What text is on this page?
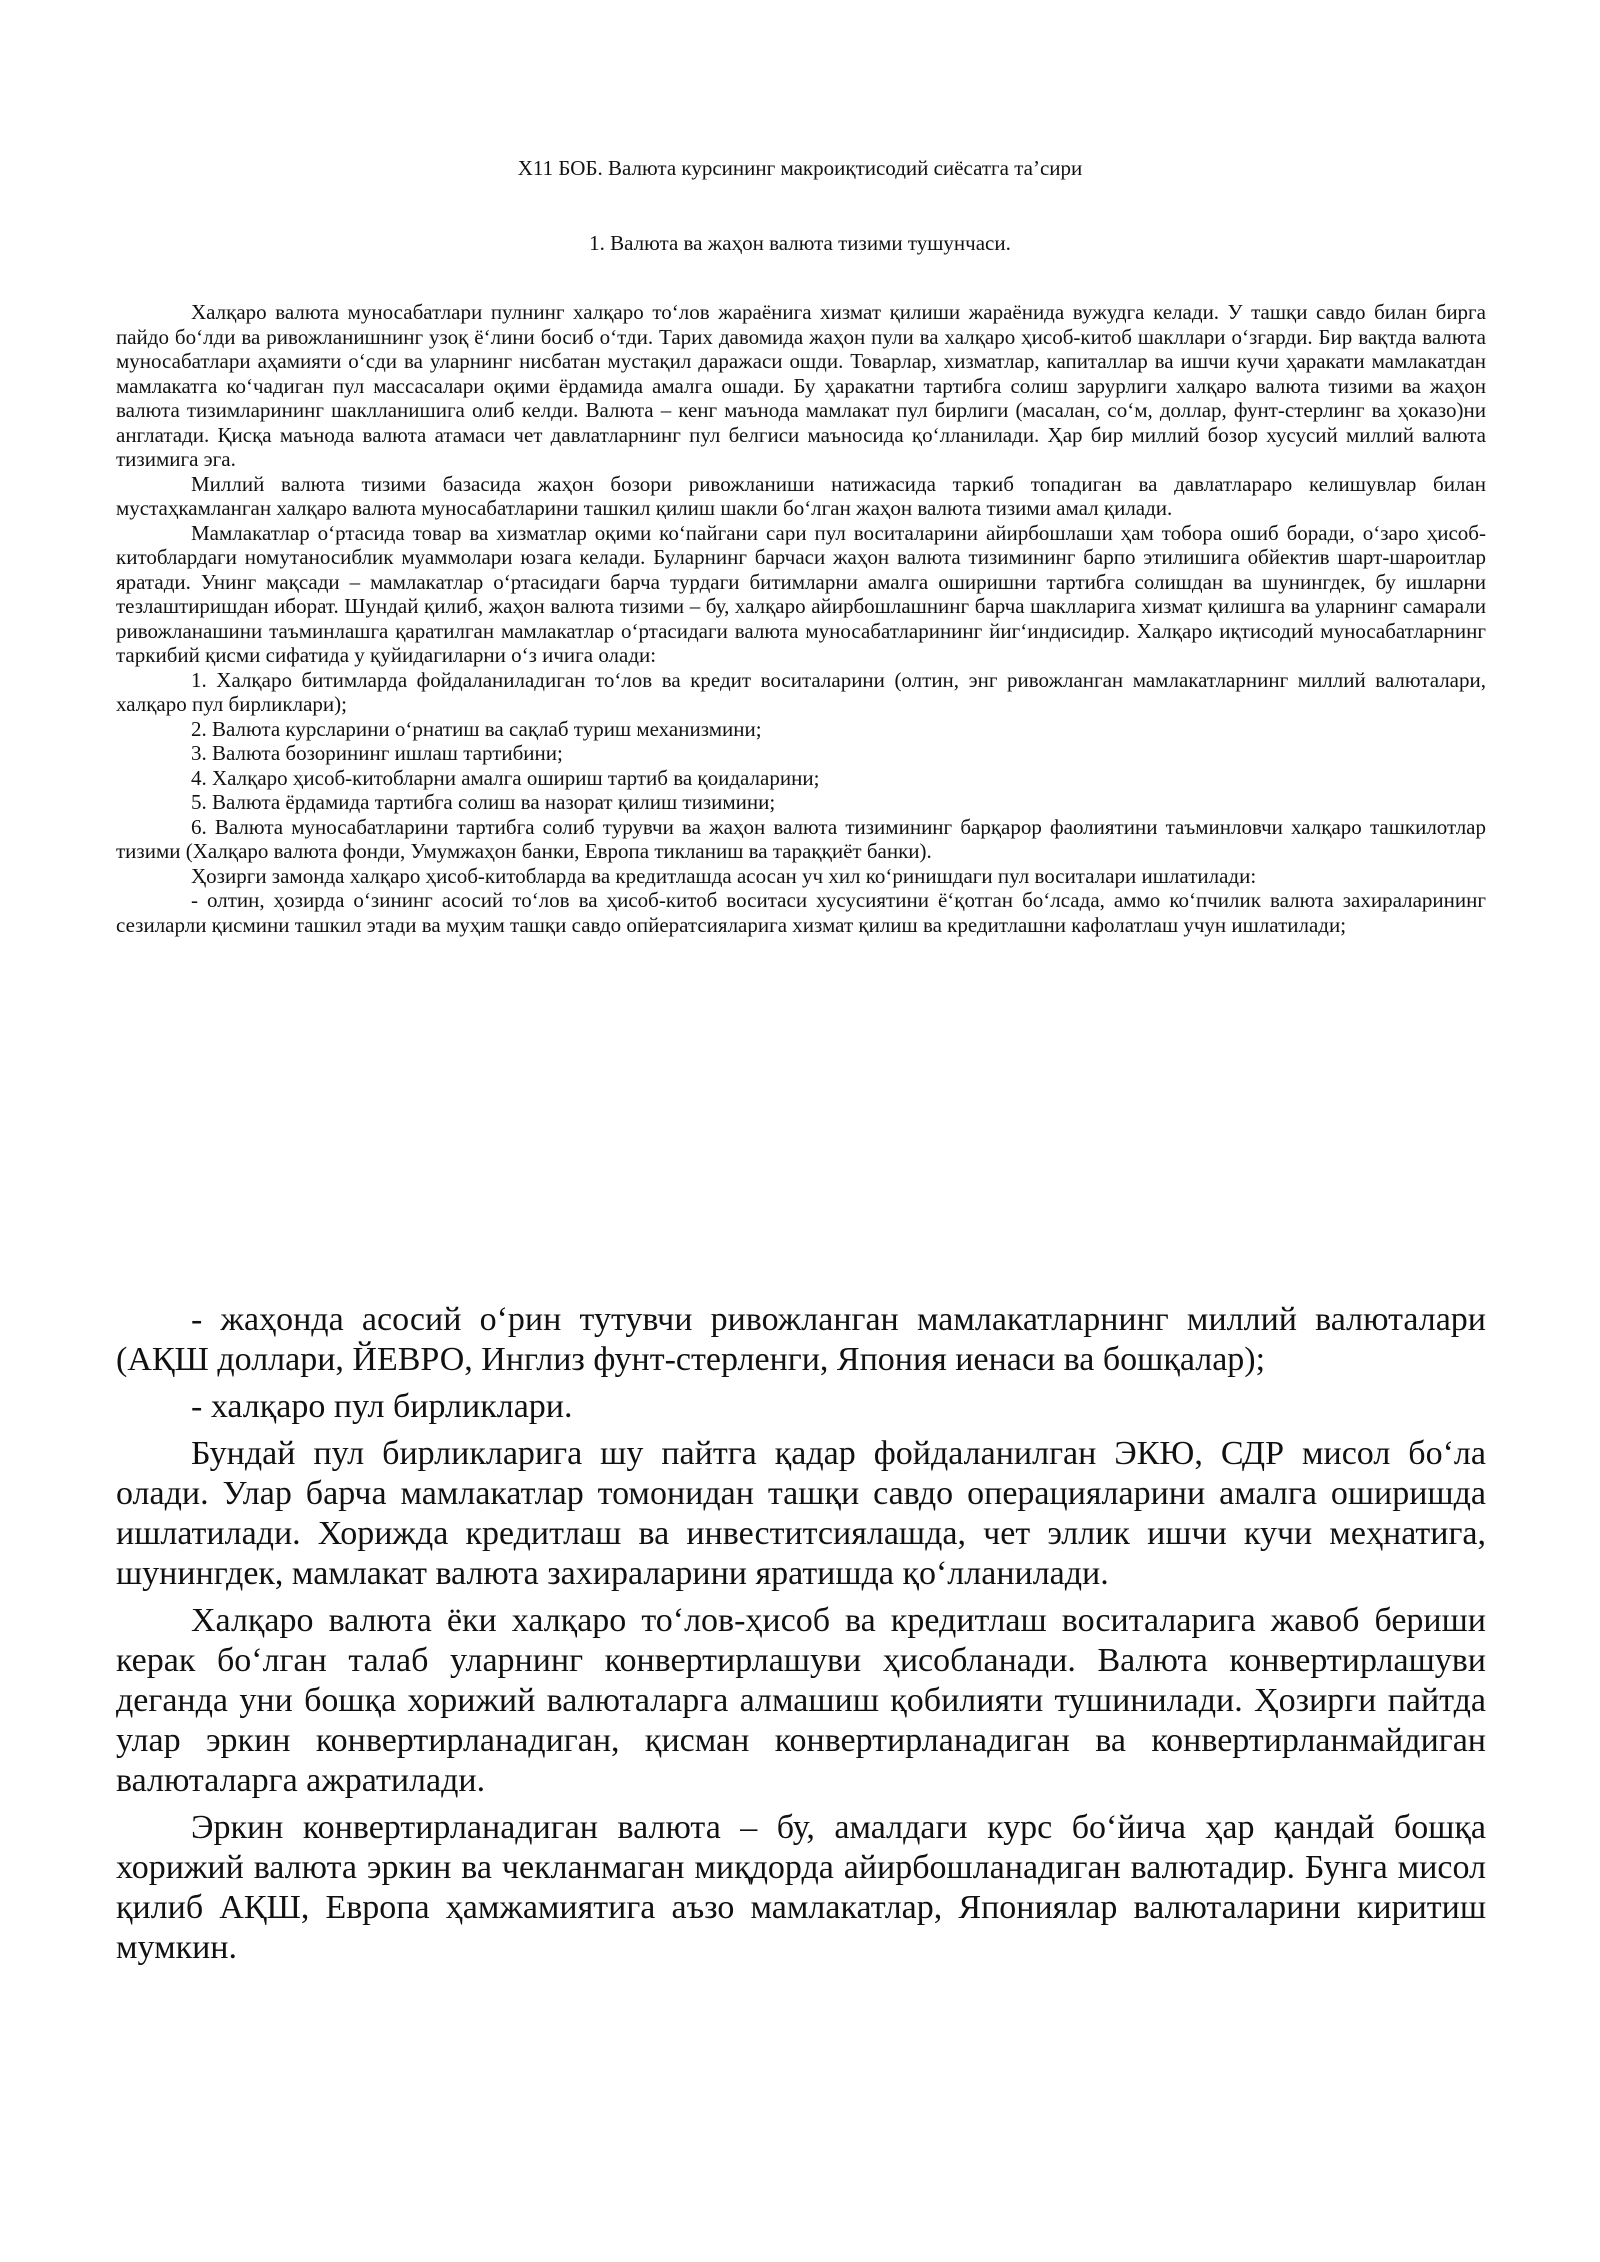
Х11 БОБ. Валюта курсининг макроиқтисодий сиёсатга таʼсири
1. Валюта ва жаҳон валюта тизими тушунчаси.

Халқаро валюта муносабатлари пулнинг халқаро тоʻлов жараёнига хизмат қилиши жараёнида вужудга келади. У ташқи савдо билан бирга пайдо боʻлди ва ривожланишнинг узоқ ёʻлини босиб оʻтди. Тарих давомида жаҳон пули ва халқаро ҳисоб-китоб шакллари оʻзгарди. Бир вақтда валюта муносабатлари аҳамияти оʻсди ва уларнинг нисбатан мустақил даражаси ошди. Товарлар, хизматлар, капиталлар ва ишчи кучи ҳаракати мамлакатдан мамлакатга коʻчадиган пул массасалари оқими ёрдамида амалга ошади. Бу ҳаракатни тартибга солиш зарурлиги халқаро валюта тизими ва жаҳон валюта тизимларининг шаклланишига олиб келди. Валюта – кенг маънода мамлакат пул бирлиги (масалан, соʻм, доллар, фунт-стерлинг ва ҳоказо)ни англатади. Қисқа маънода валюта атамаси чет давлатларнинг пул белгиси маъносида қоʻлланилади. Ҳар бир миллий бозор хусусий миллий валюта тизимига эга.

Миллий валюта тизими базасида жаҳон бозори ривожланиши натижасида таркиб топадиган ва давлатлараро келишувлар билан мустаҳкамланган халқаро валюта муносабатларини ташкил қилиш шакли боʻлган жаҳон валюта тизими амал қилади.

Мамлакатлар оʻртасида товар ва хизматлар оқими коʻпайгани сари пул воситаларини айирбошлаши ҳам тобора ошиб боради, оʻзаро ҳисоб-китоблардаги номутаносиблик муаммолари юзага келади. Буларнинг барчаси жаҳон валюта тизимининг барпо этилишига обйектив шарт-шароитлар яратади. Унинг мақсади – мамлакатлар оʻртасидаги барча турдаги битимларни амалга оширишни тартибга солишдан ва шунингдек, бу ишларни тезлаштиришдан иборат. Шундай қилиб, жаҳон валюта тизими – бу, халқаро айирбошлашнинг барча шаклларига хизмат қилишга ва уларнинг самарали ривожланашини таъминлашга қаратилган мамлакатлар оʻртасидаги валюта муносабатларининг йигʻиндисидир. Халқаро иқтисодий муносабатларнинг таркибий қисми сифатида у қуйидагиларни оʻз ичига олади:

1. Халқаро битимларда фойдаланиладиган тоʻлов ва кредит воситаларини (олтин, энг ривожланган мамлакатларнинг миллий валюталари, халқаро пул бирликлари);

2. Валюта курсларини оʻрнатиш ва сақлаб туриш механизмини;

3. Валюта бозорининг ишлаш тартибини;

4. Халқаро ҳисоб-китобларни амалга ошириш тартиб ва қоидаларини;

5. Валюта ёрдамида тартибга солиш ва назорат қилиш тизимини;

6. Валюта муносабатларини тартибга солиб турувчи ва жаҳон валюта тизимининг барқарор фаолиятини таъминловчи халқаро ташкилотлар тизими (Халқаро валюта фонди, Умумжаҳон банки, Европа тикланиш ва тараққиёт банки).

Ҳозирги замонда халқаро ҳисоб-китобларда ва кредитлашда асосан уч хил коʻринишдаги пул воситалари ишлатилади:

- олтин, ҳозирда оʻзининг асосий тоʻлов ва ҳисоб-китоб воситаси хусусиятини ёʻқотган боʻлсада, аммо коʻпчилик валюта захираларининг сезиларли қисмини ташкил этади ва муҳим ташқи савдо опйератсияларига хизмат қилиш ва кредитлашни кафолатлаш учун ишлатилади;

- жаҳонда асосий оʻрин тутувчи ривожланган мамлакатларнинг миллий валюталари (АҚШ доллари, ЙЕВРО, Инглиз фунт-стерленги, Япония иенаси ва бошқалар);

- халқаро пул бирликлари.

Бундай пул бирликларига шу пайтга қадар фойдаланилган ЭКЮ, СДР мисол боʻла олади. Улар барча мамлакатлар томонидан ташқи савдо операцияларини амалга оширишда ишлатилади. Хорижда кредитлаш ва инвеститсиялашда, чет эллик ишчи кучи меҳнатига, шунингдек, мамлакат валюта захираларини яратишда қоʻлланилади.

Халқаро валюта ёки халқаро тоʻлов-ҳисоб ва кредитлаш воситаларига жавоб бериши керак боʻлган талаб уларнинг конвертирлашуви ҳисобланади. Валюта конвертирлашуви деганда уни бошқа хорижий валюталарга алмашиш қобилияти тушинилади. Ҳозирги пайтда улар эркин конвертирланадиган, қисман конвертирланадиган ва конвертирланмайдиган валюталарга ажратилади.

Эркин конвертирланадиган валюта – бу, амалдаги курс боʻйича ҳар қандай бошқа хорижий валюта эркин ва чекланмаган миқдорда айирбошланадиган валютадир. Бунга мисол қилиб АҚШ, Европа ҳамжамиятига аъзо мамлакатлар, Япониялар валюталарини киритиш мумкин.
